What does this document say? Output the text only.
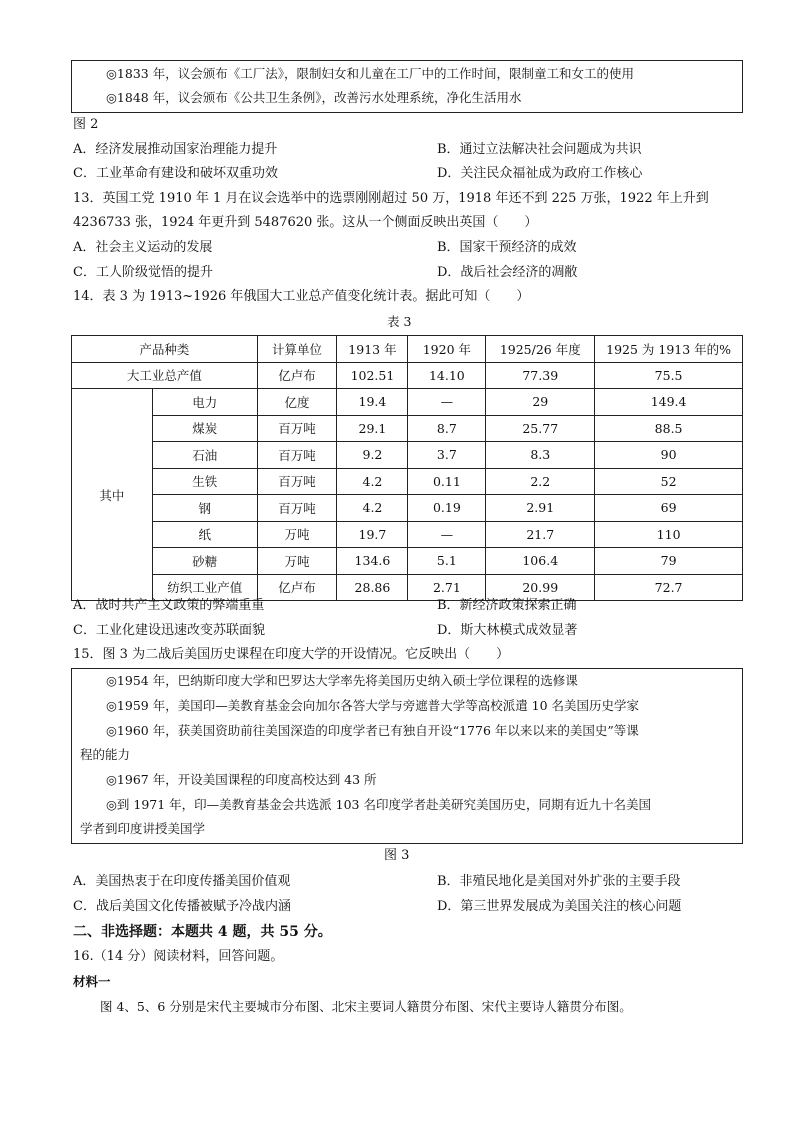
◎1833 年，议会颁布《工厂法》，限制妇女和儿童在工厂中的工作时间，限制童工和女工的使用
◎1848 年，议会颁布《公共卫生条例》，改善污水处理系统，净化生活用水
图 2
A．经济发展推动国家治理能力提升	B．通过立法解决社会问题成为共识
C．工业革命有建设和破坏双重功效	D．关注民众福祉成为政府工作核心
13．英国工党 1910 年 1 月在议会选举中的选票刚刚超过 50 万，1918 年还不到 225 万张，1922 年上升到
4236733 张，1924 年更升到 5487620 张。这从一个侧面反映出英国（　　）
A．社会主义运动的发展	B．国家干预经济的成效
C．工人阶级觉悟的提升	D．战后社会经济的凋敝
14．表 3 为 1913~1926 年俄国大工业总产值变化统计表。据此可知（　　）
表 3
产品种类		计算单位	1913 年	1920 年	1925/26 年度	1925 为 1913 年的%
大工业总产值		亿卢布	102.51	14.10	77.39	75.5
其中	电力	亿度	19.4	—	29	149.4
	煤炭	百万吨	29.1	8.7	25.77	88.5
	石油	百万吨	9.2	3.7	8.3	90
	生铁	百万吨	4.2	0.11	2.2	52
	钢	百万吨	4.2	0.19	2.91	69
	纸	万吨	19.7	—	21.7	110
	砂糖	万吨	134.6	5.1	106.4	79
	纺织工业产值	亿卢布	28.86	2.71	20.99	72.7
A．战时共产主义政策的弊端重重	B．新经济政策探索正确
C．工业化建设迅速改变苏联面貌	D．斯大林模式成效显著
15．图 3 为二战后美国历史课程在印度大学的开设情况。它反映出（　　）
◎1954 年，巴纳斯印度大学和巴罗达大学率先将美国历史纳入硕士学位课程的选修课
◎1959 年，美国印—美教育基金会向加尔各答大学与旁遮普大学等高校派遣 10 名美国历史学家
◎1960 年，获美国资助前往美国深造的印度学者已有独自开设“1776 年以来以来的美国史”等课
程的能力
◎1967 年，开设美国课程的印度高校达到 43 所
◎到 1971 年，印—美教育基金会共选派 103 名印度学者赴美研究美国历史，同期有近九十名美国
学者到印度讲授美国学
图 3
A．美国热衷于在印度传播美国价值观	B．非殖民地化是美国对外扩张的主要手段
C．战后美国文化传播被赋予冷战内涵	D．第三世界发展成为美国关注的核心问题
二、非选择题：本题共 4 题，共 55 分。
16.（14 分）阅读材料，回答问题。
材料一
图 4、5、6 分别是宋代主要城市分布图、北宋主要词人籍贯分布图、宋代主要诗人籍贯分布图。
